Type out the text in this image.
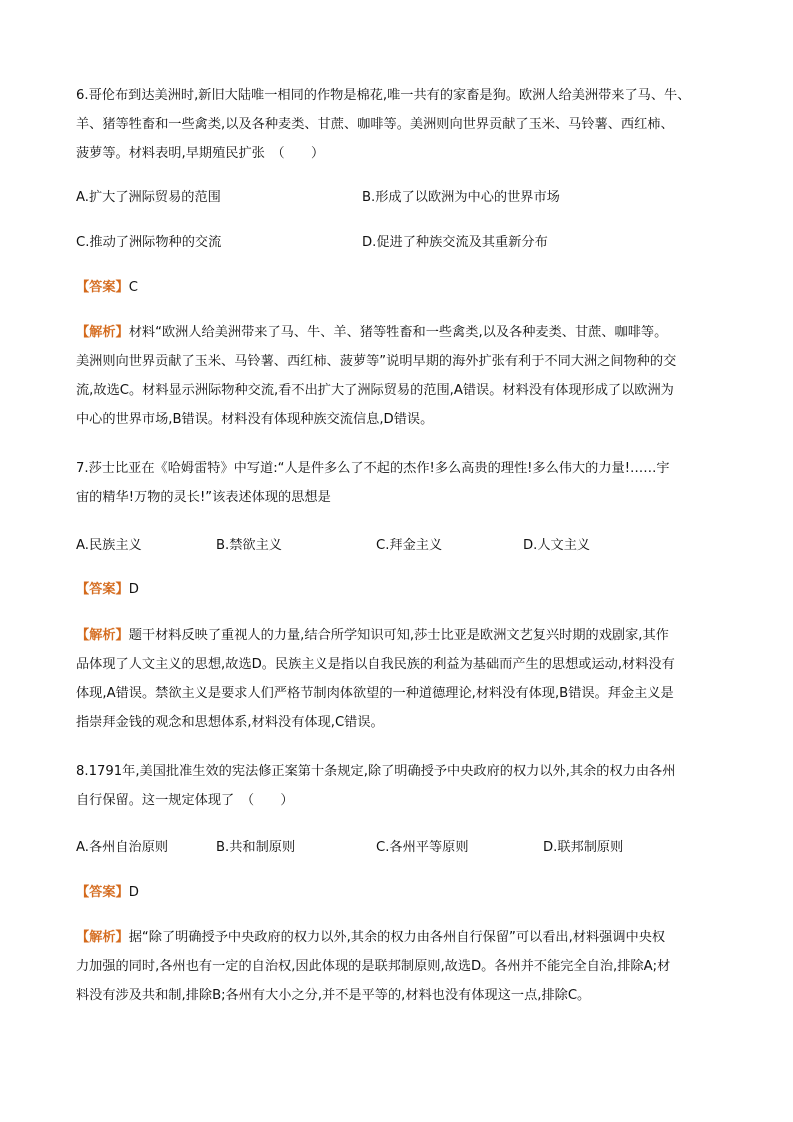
6.哥伦布到达美洲时,新旧大陆唯一相同的作物是棉花,唯一共有的家畜是狗。欧洲人给美洲带来了马、牛、
羊、猪等牲畜和一些禽类,以及各种麦类、甘蔗、咖啡等。美洲则向世界贡献了玉米、马铃薯、西红柿、
菠萝等。材料表明,早期殖民扩张　（　　）
A.扩大了洲际贸易的范围	B.形成了以欧洲为中心的世界市场
C.推动了洲际物种的交流	D.促进了种族交流及其重新分布
【答案】C
【解析】材料“欧洲人给美洲带来了马、牛、羊、猪等牲畜和一些禽类,以及各种麦类、甘蔗、咖啡等。
美洲则向世界贡献了玉米、马铃薯、西红柿、菠萝等”说明早期的海外扩张有利于不同大洲之间物种的交
流,故选C。材料显示洲际物种交流,看不出扩大了洲际贸易的范围,A错误。材料没有体现形成了以欧洲为
中心的世界市场,B错误。材料没有体现种族交流信息,D错误。
7.莎士比亚在《哈姆雷特》中写道:“人是件多么了不起的杰作!多么高贵的理性!多么伟大的力量!……宇
宙的精华!万物的灵长!”该表述体现的思想是
A.民族主义	B.禁欲主义	C.拜金主义	D.人文主义
【答案】D
【解析】题干材料反映了重视人的力量,结合所学知识可知,莎士比亚是欧洲文艺复兴时期的戏剧家,其作
品体现了人文主义的思想,故选D。民族主义是指以自我民族的利益为基础而产生的思想或运动,材料没有
体现,A错误。禁欲主义是要求人们严格节制肉体欲望的一种道德理论,材料没有体现,B错误。拜金主义是
指崇拜金钱的观念和思想体系,材料没有体现,C错误。
8.1791年,美国批准生效的宪法修正案第十条规定,除了明确授予中央政府的权力以外,其余的权力由各州
自行保留。这一规定体现了　（　　）
A.各州自治原则	B.共和制原则	C.各州平等原则	D.联邦制原则
【答案】D
【解析】据“除了明确授予中央政府的权力以外,其余的权力由各州自行保留”可以看出,材料强调中央权
力加强的同时,各州也有一定的自治权,因此体现的是联邦制原则,故选D。各州并不能完全自治,排除A;材
料没有涉及共和制,排除B;各州有大小之分,并不是平等的,材料也没有体现这一点,排除C。
